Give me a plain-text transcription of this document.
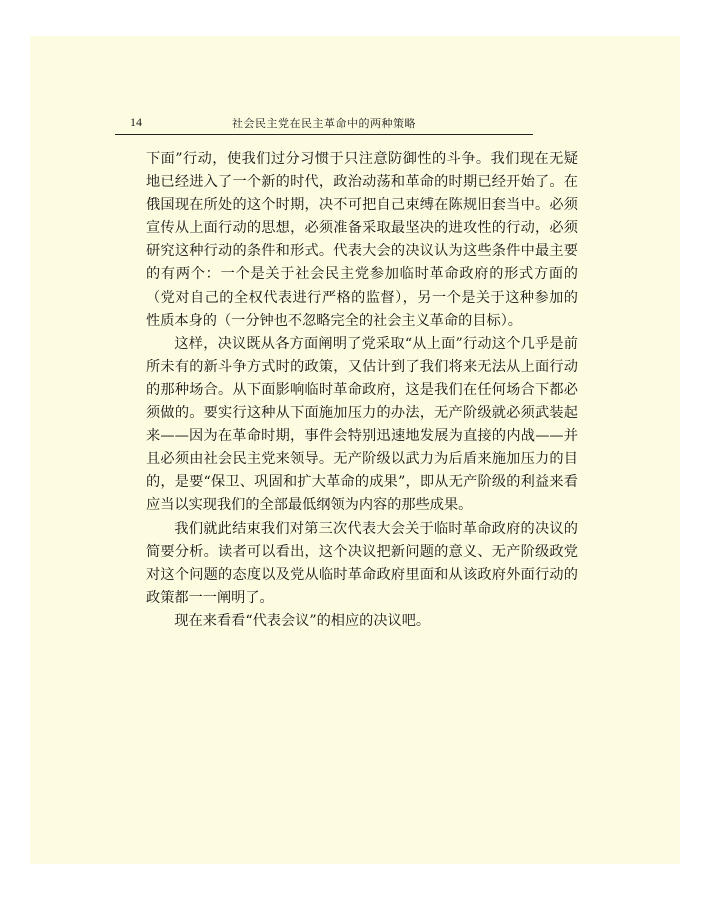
14	社会民主党在民主革命中的两种策略

下面”行动，使我们过分习惯于只注意防御性的斗争。我们现在无疑地已经进入了一个新的时代，政治动荡和革命的时期已经开始了。在俄国现在所处的这个时期，决不可把自己束缚在陈规旧套当中。必须宣传从上面行动的思想，必须准备采取最坚决的进攻性的行动，必须研究这种行动的条件和形式。代表大会的决议认为这些条件中最主要的有两个：一个是关于社会民主党参加临时革命政府的形式方面的（党对自己的全权代表进行严格的监督），另一个是关于这种参加的性质本身的（一分钟也不忽略完全的社会主义革命的目标）。

这样，决议既从各方面阐明了党采取“从上面”行动这个几乎是前所未有的新斗争方式时的政策，又估计到了我们将来无法从上面行动的那种场合。从下面影响临时革命政府，这是我们在任何场合下都必须做的。要实行这种从下面施加压力的办法，无产阶级就必须武装起来——因为在革命时期，事件会特别迅速地发展为直接的内战——并且必须由社会民主党来领导。无产阶级以武力为后盾来施加压力的目的，是要“保卫、巩固和扩大革命的成果”，即从无产阶级的利益来看应当以实现我们的全部最低纲领为内容的那些成果。

我们就此结束我们对第三次代表大会关于临时革命政府的决议的简要分析。读者可以看出，这个决议把新问题的意义、无产阶级政党对这个问题的态度以及党从临时革命政府里面和从该政府外面行动的政策都一一阐明了。

现在来看看“代表会议”的相应的决议吧。
